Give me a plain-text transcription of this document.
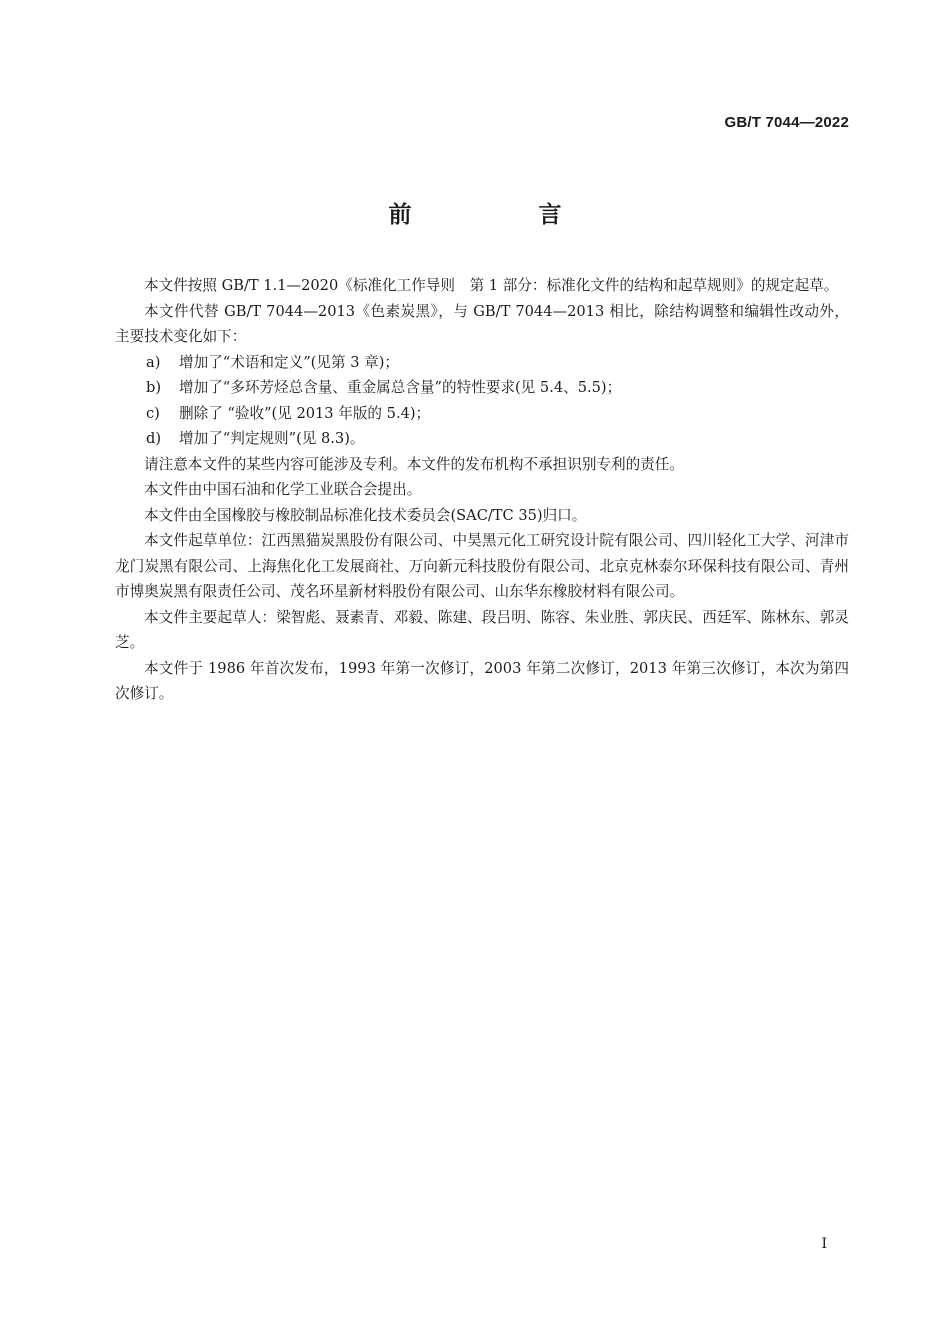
GB/T 7044—2022
前　言

本文件按照 GB/T 1.1—2020《标准化工作导则　第 1 部分：标准化文件的结构和起草规则》的规定起草。

本文件代替 GB/T 7044—2013《色素炭黑》，与 GB/T 7044—2013 相比，除结构调整和编辑性改动外，主要技术变化如下：

a) 增加了“术语和定义”(见第 3 章)；
b) 增加了“多环芳烃总含量、重金属总含量”的特性要求(见 5.4、5.5)；
c) 删除了 “验收”(见 2013 年版的 5.4)；
d) 增加了“判定规则”(见 8.3)。

请注意本文件的某些内容可能涉及专利。本文件的发布机构不承担识别专利的责任。

本文件由中国石油和化学工业联合会提出。

本文件由全国橡胶与橡胶制品标准化技术委员会(SAC/TC 35)归口。

本文件起草单位：江西黑猫炭黑股份有限公司、中昊黑元化工研究设计院有限公司、四川轻化工大学、河津市龙门炭黑有限公司、上海焦化化工发展商社、万向新元科技股份有限公司、北京克林泰尔环保科技有限公司、青州市博奥炭黑有限责任公司、茂名环星新材料股份有限公司、山东华东橡胶材料有限公司。

本文件主要起草人：梁智彪、聂素青、邓毅、陈建、段吕明、陈容、朱业胜、郭庆民、西廷军、陈林东、郭灵芝。

本文件于 1986 年首次发布，1993 年第一次修订，2003 年第二次修订，2013 年第三次修订，本次为第四次修订。

I
